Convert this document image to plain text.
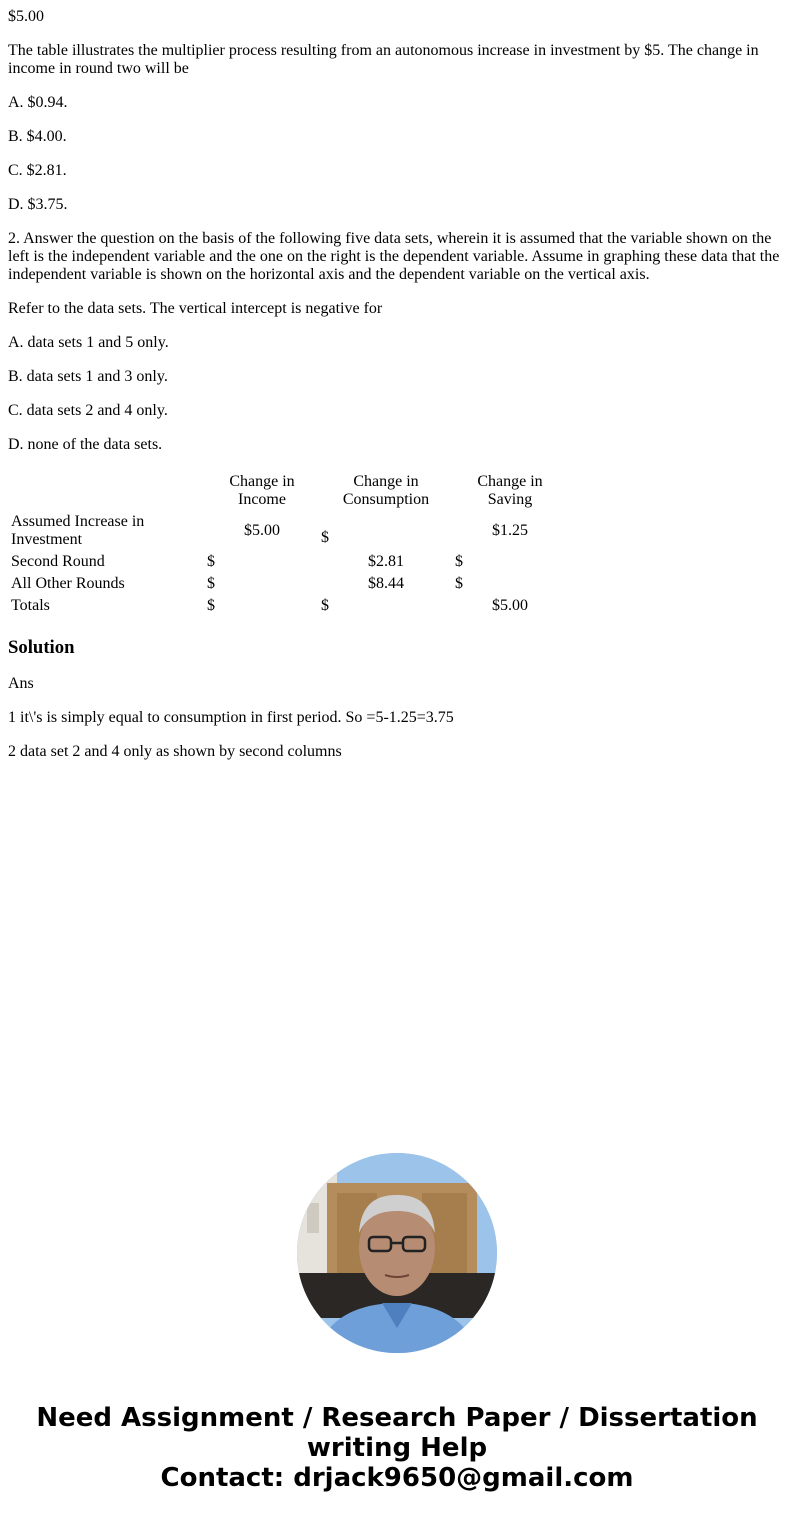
$5.00

The table illustrates the multiplier process resulting from an autonomous increase in investment by $5. The change in income in round two will be

A. $0.94.

B. $4.00.

C. $2.81.

D. $3.75.

2. Answer the question on the basis of the following five data sets, wherein it is assumed that the variable shown on the left is the independent variable and the one on the right is the dependent variable. Assume in graphing these data that the independent variable is shown on the horizontal axis and the dependent variable on the vertical axis.

Refer to the data sets. The vertical intercept is negative for

A. data sets 1 and 5 only.

B. data sets 1 and 3 only.

C. data sets 2 and 4 only.

D. none of the data sets.

	Change in Income	Change in Consumption	Change in Saving
Assumed Increase in Investment	$5.00	$	$1.25
Second Round	$	$2.81	$
All Other Rounds	$	$8.44	$
Totals	$	$	$5.00
Solution

Ans

1 it\'s is simply equal to consumption in first period. So =5-1.25=3.75

2 data set 2 and 4 only as shown by second columns

Need Assignment / Research Paper / Dissertation
writing Help
Contact: drjack9650@gmail.com
